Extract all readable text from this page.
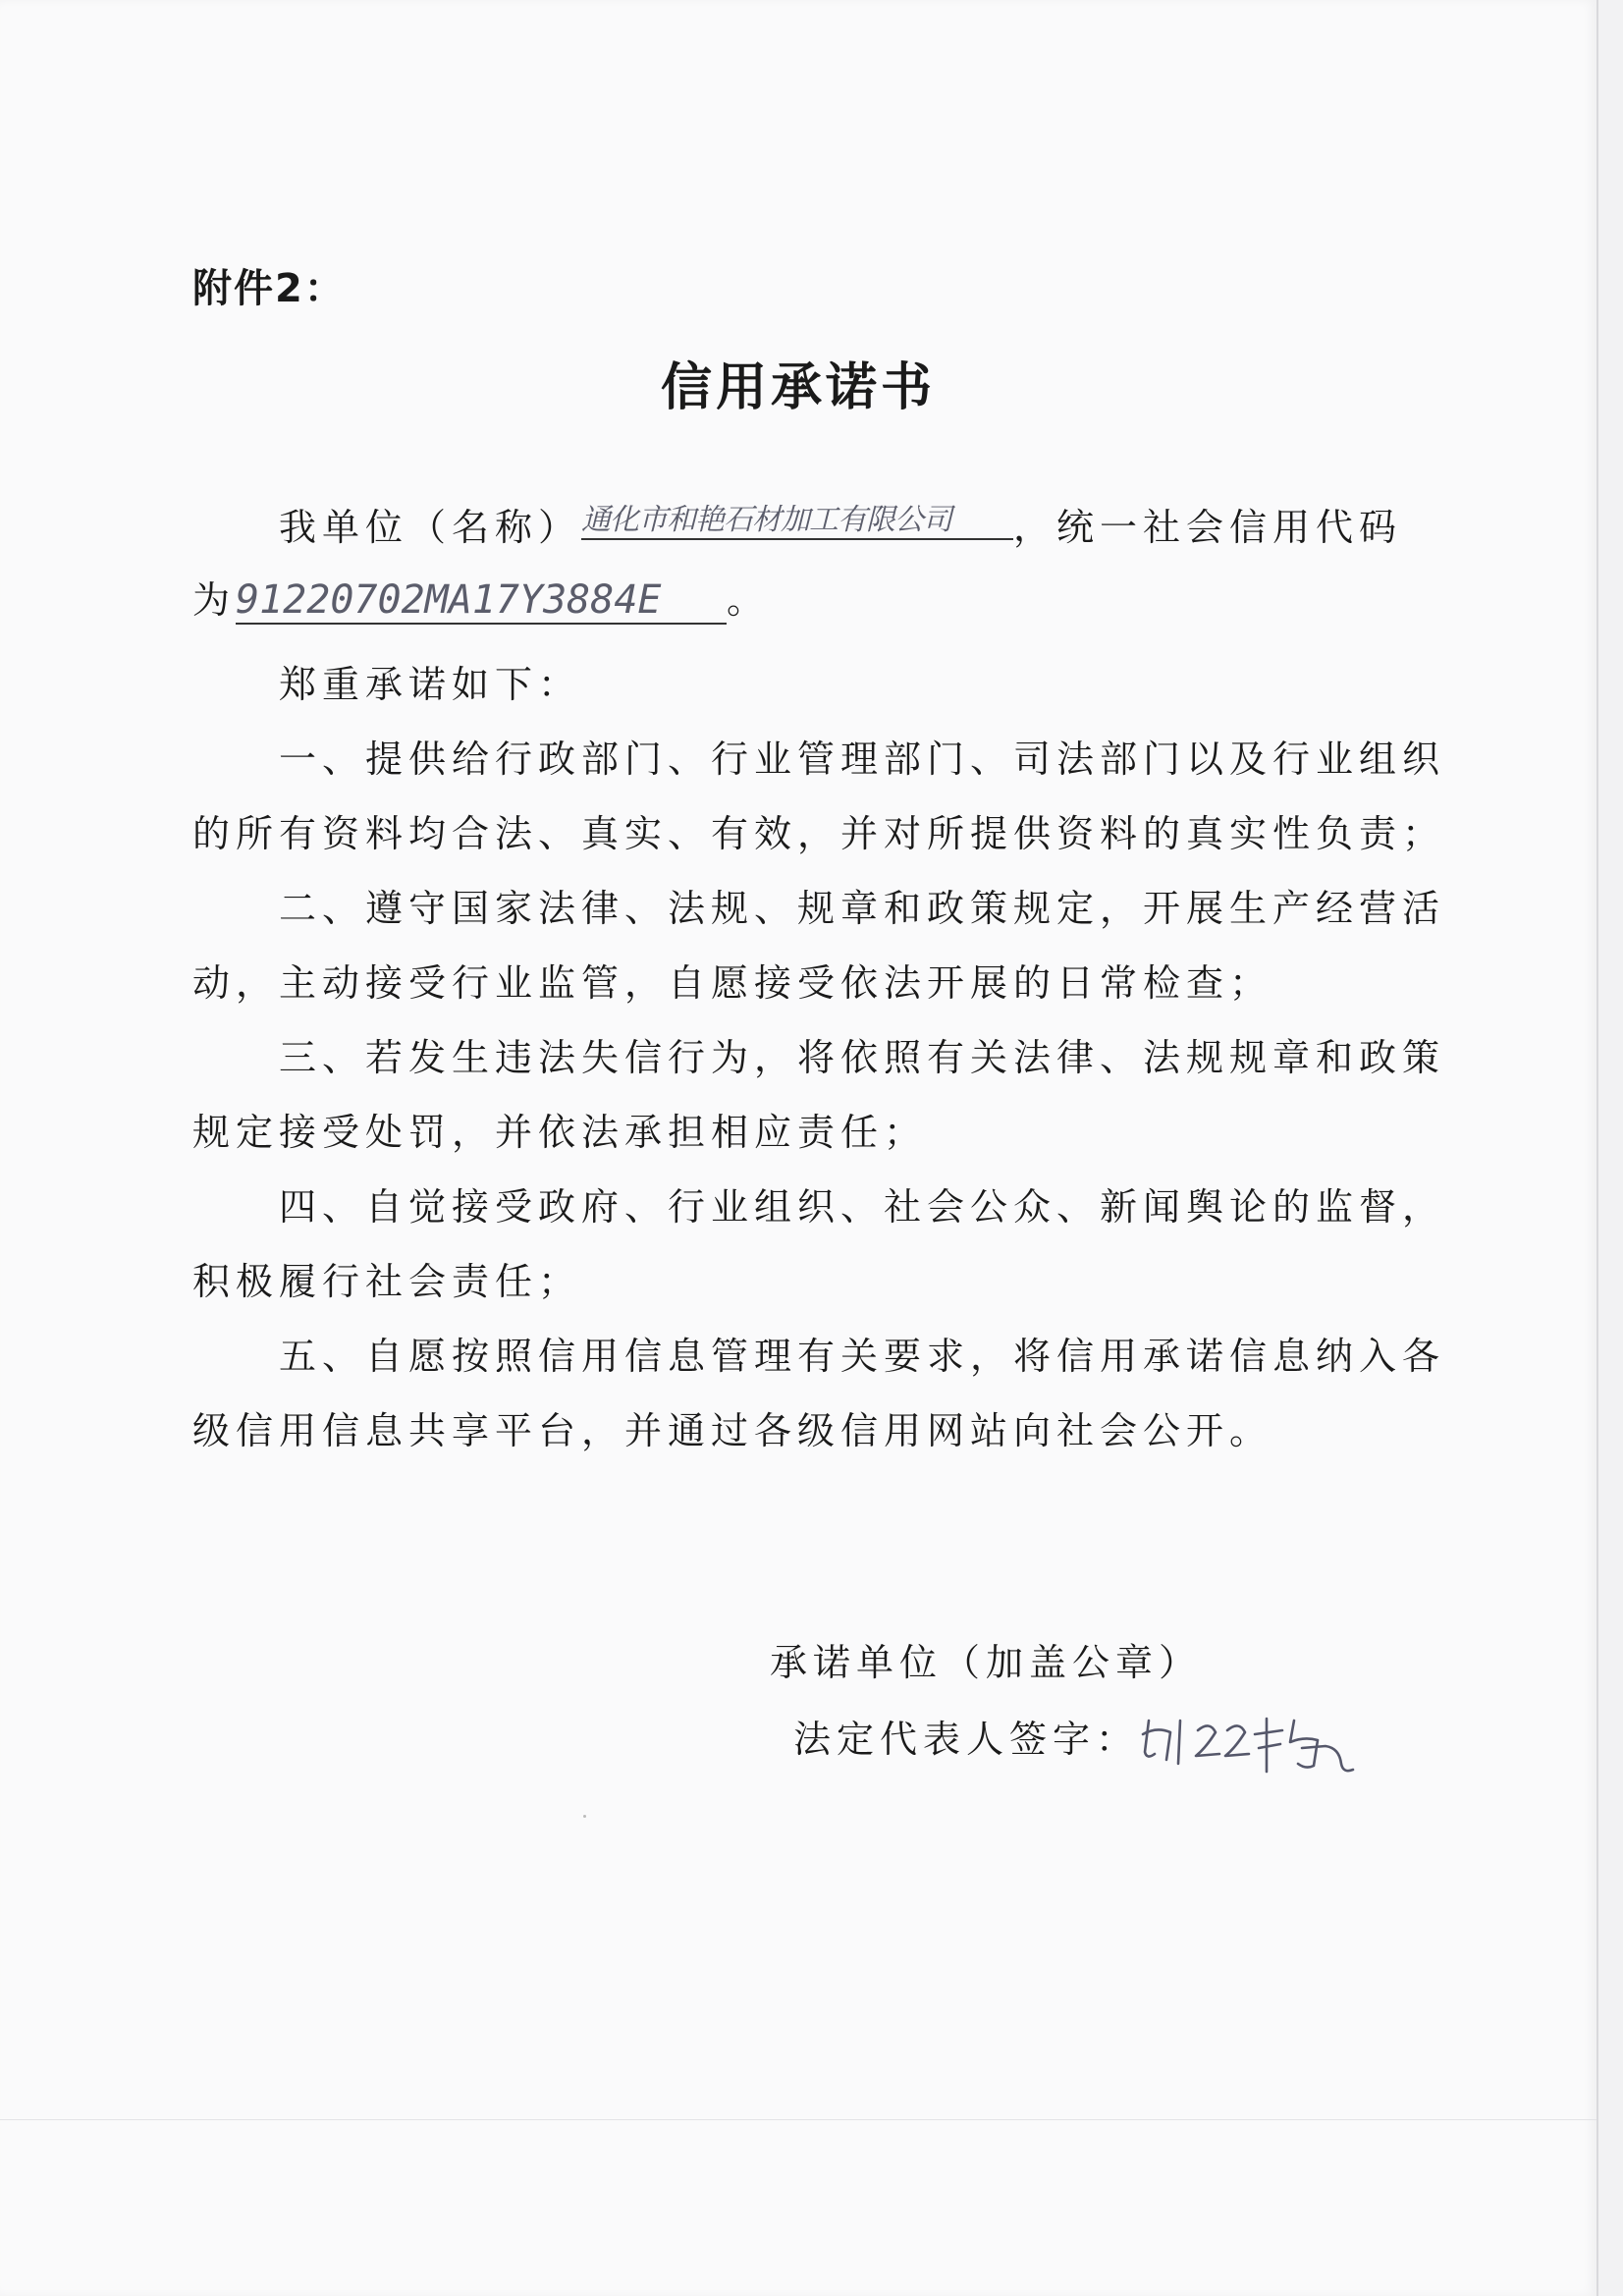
附件2：
信用承诺书
我单位（名称）通化市和艳石材加工有限公司 ，统一社会信用代码
为91220702MA17Y3884E 。
郑重承诺如下：
一、提供给行政部门、行业管理部门、司法部门以及行业组织
的所有资料均合法、真实、有效，并对所提供资料的真实性负责；
二、遵守国家法律、法规、规章和政策规定，开展生产经营活
动，主动接受行业监管，自愿接受依法开展的日常检查；
三、若发生违法失信行为，将依照有关法律、法规规章和政策
规定接受处罚，并依法承担相应责任；
四、自觉接受政府、行业组织、社会公众、新闻舆论的监督，
积极履行社会责任；
五、自愿按照信用信息管理有关要求，将信用承诺信息纳入各
级信用信息共享平台，并通过各级信用网站向社会公开。
承诺单位（加盖公章）
法定代表人签字：
